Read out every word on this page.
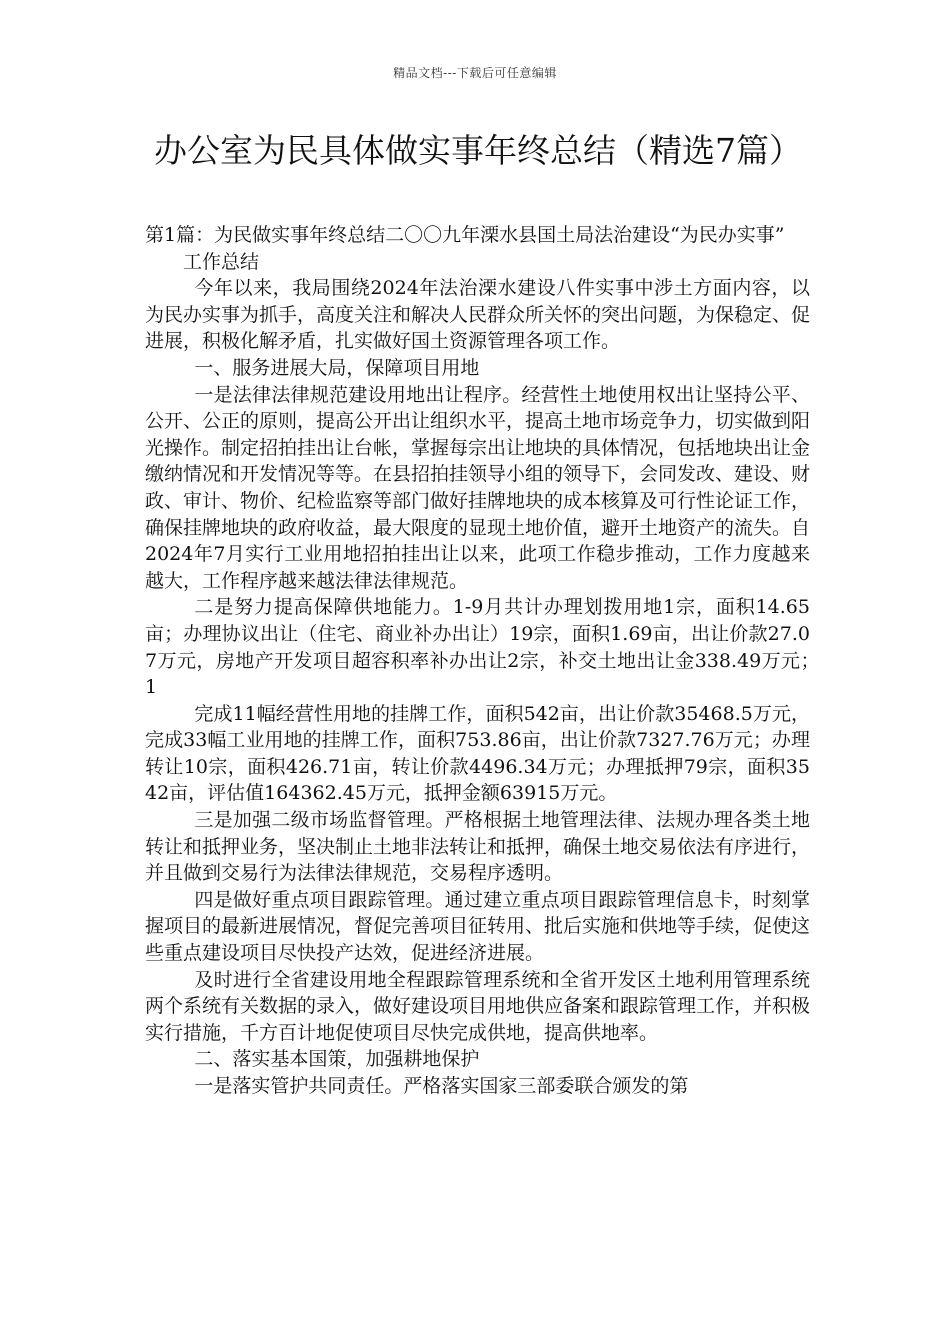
精品文档---下载后可任意编辑
办公室为民具体做实事年终总结（精选7篇）

第1篇：为民做实事年终总结二〇〇九年溧水县国土局法治建设“为民办实事”

工作总结

今年以来，我局围绕2024年法治溧水建设八件实事中涉土方面内容，以为民办实事为抓手，高度关注和解决人民群众所关怀的突出问题，为保稳定、促进展，积极化解矛盾，扎实做好国土资源管理各项工作。

一、服务进展大局，保障项目用地

一是法律法律规范建设用地出让程序。经营性土地使用权出让坚持公平、公开、公正的原则，提高公开出让组织水平，提高土地市场竞争力，切实做到阳光操作。制定招拍挂出让台帐，掌握每宗出让地块的具体情况，包括地块出让金缴纳情况和开发情况等等。在县招拍挂领导小组的领导下，会同发改、建设、财政、审计、物价、纪检监察等部门做好挂牌地块的成本核算及可行性论证工作，确保挂牌地块的政府收益，最大限度的显现土地价值，避开土地资产的流失。自2024年7月实行工业用地招拍挂出让以来，此项工作稳步推动，工作力度越来越大，工作程序越来越法律法律规范。

二是努力提高保障供地能力。1-9月共计办理划拨用地1宗，面积14.65亩；办理协议出让（住宅、商业补办出让）19宗，面积1.69亩，出让价款27.07万元，房地产开发项目超容积率补办出让2宗，补交土地出让金338.49万元；　1

完成11幅经营性用地的挂牌工作，面积542亩，出让价款35468.5万元，完成33幅工业用地的挂牌工作，面积753.86亩，出让价款7327.76万元；办理转让10宗，面积426.71亩，转让价款4496.34万元；办理抵押79宗，面积3542亩，评估值164362.45万元，抵押金额63915万元。

三是加强二级市场监督管理。严格根据土地管理法律、法规办理各类土地转让和抵押业务，坚决制止土地非法转让和抵押，确保土地交易依法有序进行，并且做到交易行为法律法律规范，交易程序透明。

四是做好重点项目跟踪管理。通过建立重点项目跟踪管理信息卡，时刻掌握项目的最新进展情况，督促完善项目征转用、批后实施和供地等手续，促使这些重点建设项目尽快投产达效，促进经济进展。

及时进行全省建设用地全程跟踪管理系统和全省开发区土地利用管理系统两个系统有关数据的录入，做好建设项目用地供应备案和跟踪管理工作，并积极实行措施，千方百计地促使项目尽快完成供地，提高供地率。

二、落实基本国策，加强耕地保护

一是落实管护共同责任。严格落实国家三部委联合颁发的第
